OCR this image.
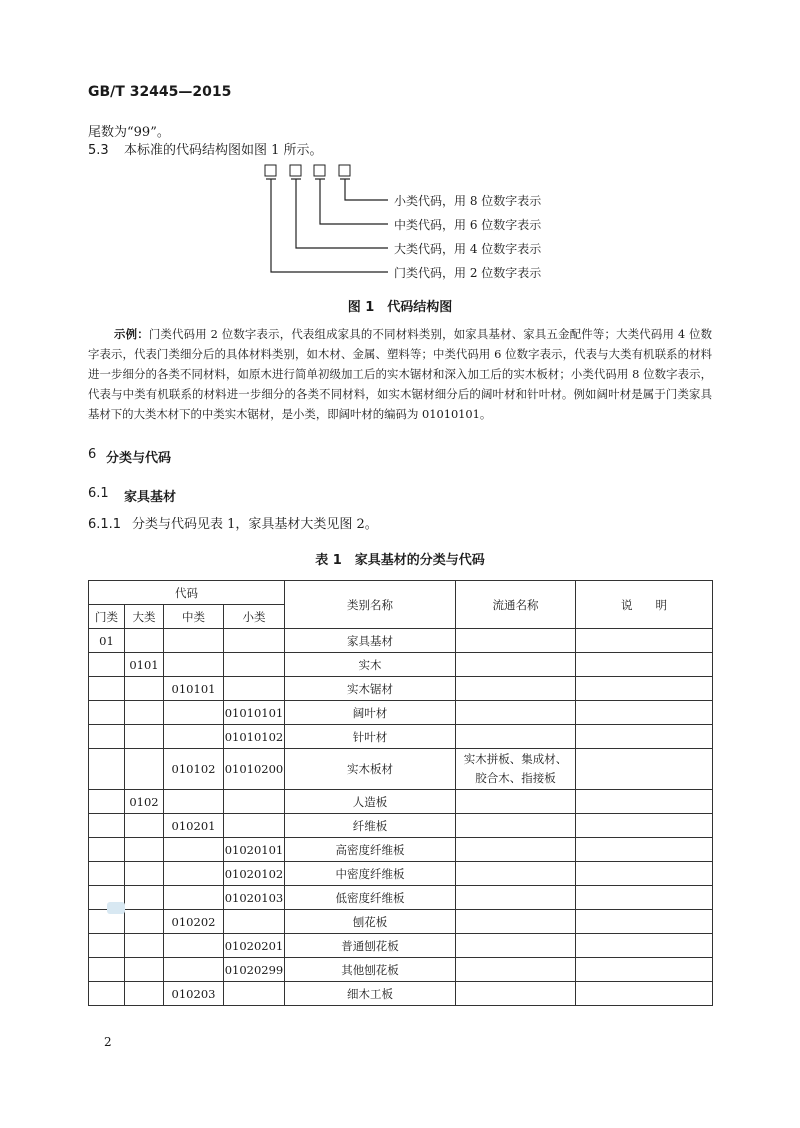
GB/T 32445—2015
尾数为“99”。
5.3 本标准的代码结构图如图 1 所示。
小类代码，用 8 位数字表示
中类代码，用 6 位数字表示
大类代码，用 4 位数字表示
门类代码，用 2 位数字表示
图 1　代码结构图
示例：门类代码用 2 位数字表示，代表组成家具的不同材料类别，如家具基材、家具五金配件等；大类代码用 4 位数字表示，代表门类细分后的具体材料类别，如木材、金属、塑料等；中类代码用 6 位数字表示，代表与大类有机联系的材料进一步细分的各类不同材料，如原木进行简单初级加工后的实木锯材和深入加工后的实木板材；小类代码用 8 位数字表示，代表与中类有机联系的材料进一步细分的各类不同材料，如实木锯材细分后的阔叶材和针叶材。例如阔叶材是属于门类家具基材下的大类木材下的中类实木锯材，是小类，即阔叶材的编码为 01010101。
6 分类与代码
6.1 家具基材
6.1.1 分类与代码见表 1，家具基材大类见图 2。
表 1　家具基材的分类与代码
代码				类别名称	流通名称	说　　明
门类	大类	中类	小类			
01				家具基材		
	0101			实木		
		010101		实木锯材		
			01010101	阔叶材		
			01010102	针叶材		
		010102	01010200	实木板材	实木拼板、集成材、
胶合木、指接板	

	0102			人造板		
		010201		纤维板		
			01020101	高密度纤维板		
			01020102	中密度纤维板		
			01020103	低密度纤维板		
		010202		刨花板		
			01020201	普通刨花板		
			01020299	其他刨花板		
		010203		细木工板		
2
